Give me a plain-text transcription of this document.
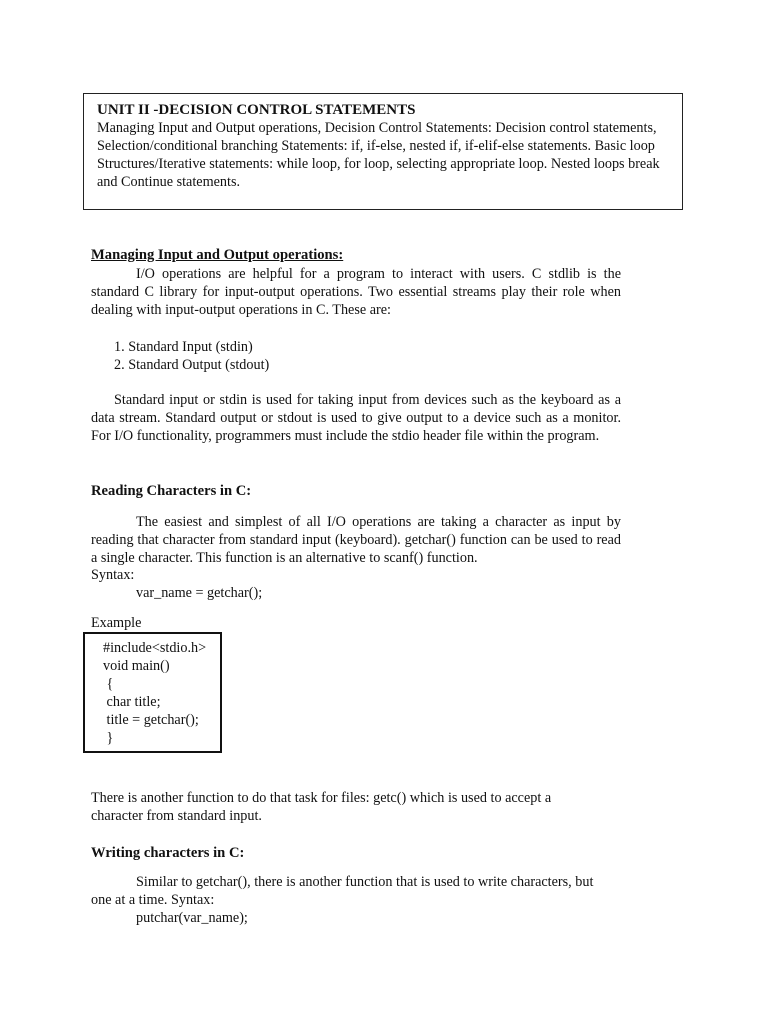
UNIT II -DECISION CONTROL STATEMENTS

Managing Input and Output operations, Decision Control Statements: Decision control statements, Selection/conditional branching Statements: if, if-else, nested if, if-elif-else statements. Basic loop Structures/Iterative statements: while loop, for loop, selecting appropriate loop. Nested loops break and Continue statements.

Managing Input and Output operations:
I/O operations are helpful for a program to interact with users. C stdlib is the standard C library for input-output operations. Two essential streams play their role when dealing with input-output operations in C. These are:
1. Standard Input (stdin)
2. Standard Output (stdout)
Standard input or stdin is used for taking input from devices such as the keyboard as a data stream. Standard output or stdout is used to give output to a device such as a monitor. For I/O functionality, programmers must include the stdio header file within the program.
Reading Characters in C:
The easiest and simplest of all I/O operations are taking a character as input by reading that character from standard input (keyboard). getchar() function can be used to read a single character. This function is an alternative to scanf() function.
Syntax:
var_name = getchar();
Example
#include<stdio.h>
void main()
{
char title;
title = getchar();
}
There is another function to do that task for files: getc() which is used to accept a character from standard input.
Writing characters in C:
Similar to getchar(), there is another function that is used to write characters, but one at a time. Syntax:
putchar(var_name);
